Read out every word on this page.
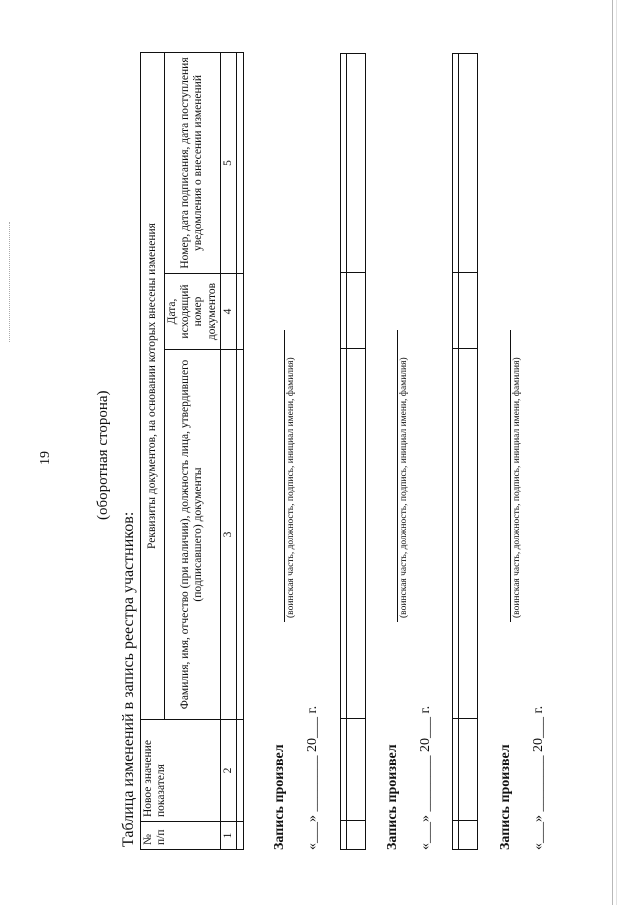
19	(оборотная сторона)
Таблица изменений в запись реестра участников: № п/п	Новое значение показателя	Реквизиты документов, на основании которых внесены изменения		
		Фамилия, имя, отчество (при наличии), должность лица, утвердившего (подписавшего) документы	Дата, исходящий номер документов	Номер, дата подписания, дата поступления уведомления о внесении изменений
1	2	3	4	5

Запись произвел
(воинская часть, должность, подпись, инициал имени, фамилия)
«___» ________ 20___ г.	Запись произвел
(воинская часть, должность, подпись, инициал имени, фамилия)
«___» ________ 20___ г.	Запись произвел
(воинская часть, должность, подпись, инициал имени, фамилия)
«___» ________ 20___ г.
